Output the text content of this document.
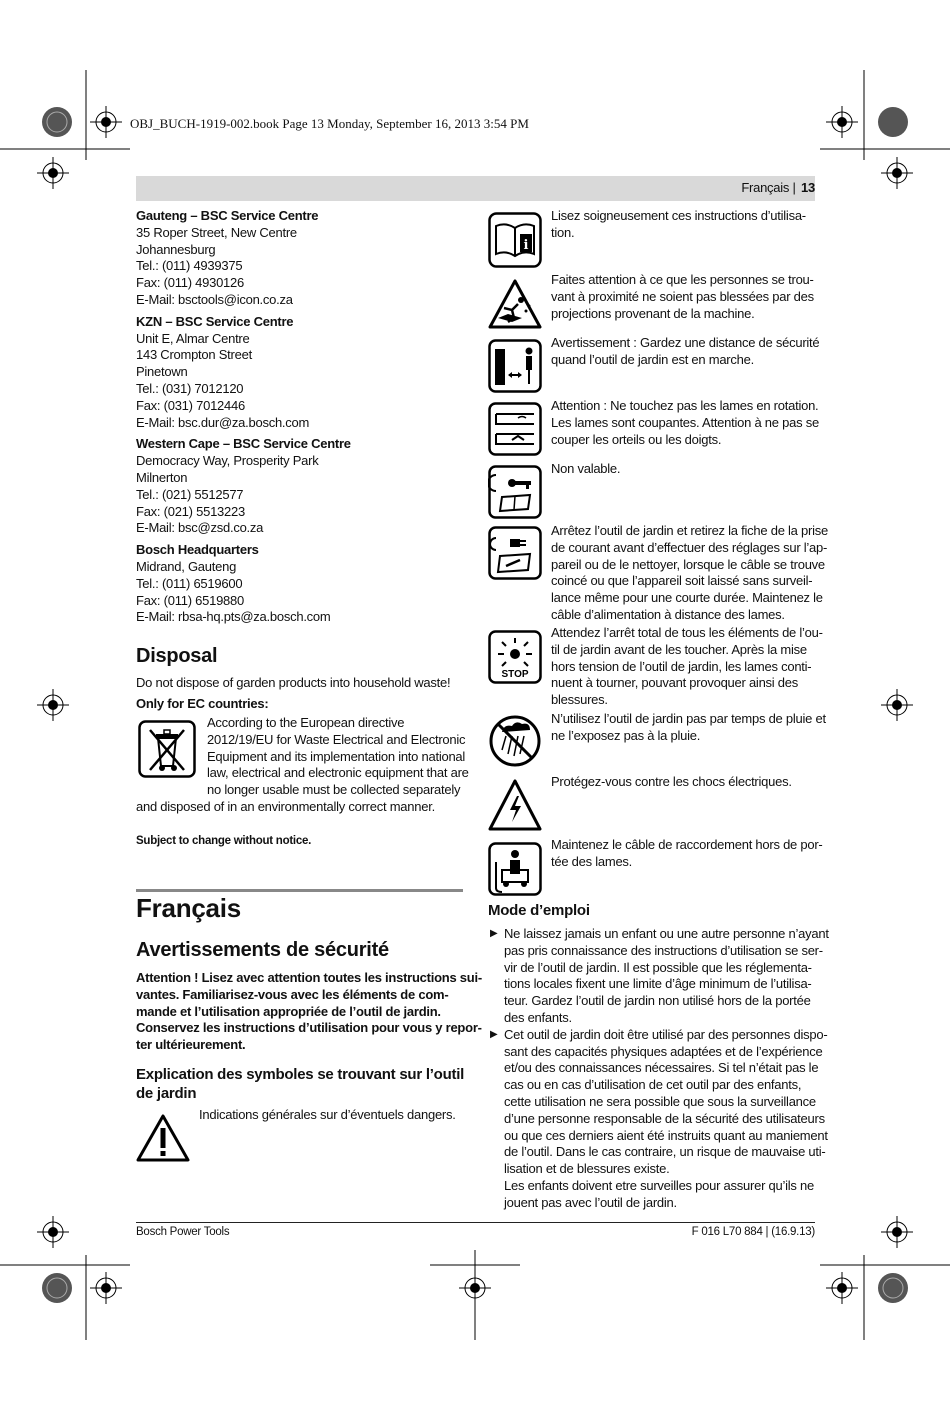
OBJ_BUCH-1919-002.book Page 13 Monday, September 16, 2013 3:54 PM
Français | 13
Gauteng – BSC Service Centre
35 Roper Street, New Centre
Johannesburg
Tel.: (011) 4939375
Fax: (011) 4930126
E-Mail: bsctools@icon.co.za
KZN – BSC Service Centre
Unit E, Almar Centre
143 Crompton Street
Pinetown
Tel.: (031) 7012120
Fax: (031) 7012446
E-Mail: bsc.dur@za.bosch.com
Western Cape – BSC Service Centre
Democracy Way, Prosperity Park
Milnerton
Tel.: (021) 5512577
Fax: (021) 5513223
E-Mail: bsc@zsd.co.za
Bosch Headquarters
Midrand, Gauteng
Tel.: (011) 6519600
Fax: (011) 6519880
E-Mail: rbsa-hq.pts@za.bosch.com
Disposal
Do not dispose of garden products into household waste!
Only for EC countries:
According to the European directive
2012/19/EU for Waste Electrical and Electronic
Equipment and its implementation into national
law, electrical and electronic equipment that are
no longer usable must be collected separately
and disposed of in an environmentally correct manner.
Subject to change without notice.
Français
Avertissements de sécurité
Attention ! Lisez avec attention toutes les instructions sui-
vantes. Familiarisez-vous avec les éléments de com-
mande et l’utilisation appropriée de l’outil de jardin.
Conservez les instructions d’utilisation pour vous y repor-
ter ultérieurement.
Explication des symboles se trouvant sur l’outil
de jardin
Indications générales sur d’éventuels dangers.
i
Lisez soigneusement ces instructions d’utilisa-
tion.
Faites attention à ce que les personnes se trou-
vant à proximité ne soient pas blessées par des
projections provenant de la machine.
Avertissement : Gardez une distance de sécurité
quand l’outil de jardin est en marche.
Attention : Ne touchez pas les lames en rotation.
Les lames sont coupantes. Attention à ne pas se
couper les orteils ou les doigts.
Non valable.
Arrêtez l’outil de jardin et retirez la fiche de la prise
de courant avant d’effectuer des réglages sur l’ap-
pareil ou de le nettoyer, lorsque le câble se trouve
coincé ou que l’appareil soit laissé sans surveil-
lance même pour une courte durée. Maintenez le
câble d’alimentation à distance des lames.
STOP
Attendez l’arrêt total de tous les éléments de l’ou-
til de jardin avant de les toucher. Après la mise
hors tension de l’outil de jardin, les lames conti-
nuent à tourner, pouvant provoquer ainsi des
blessures.
N’utilisez l’outil de jardin pas par temps de pluie et
ne l’exposez pas à la pluie.
Protégez-vous contre les chocs électriques.
Maintenez le câble de raccordement hors de por-
tée des lames.
Mode d’emploi
▶ Ne laissez jamais un enfant ou une autre personne n’ayant
pas pris connaissance des instructions d’utilisation se ser-
vir de l’outil de jardin. Il est possible que les réglementa-
tions locales fixent une limite d’âge minimum de l’utilisa-
teur. Gardez l’outil de jardin non utilisé hors de la portée
des enfants.
▶ Cet outil de jardin doit être utilisé par des personnes dispo-
sant des capacités physiques adaptées et de l’expérience
et/ou des connaissances nécessaires. Si tel n’était pas le
cas ou en cas d’utilisation de cet outil par des enfants,
cette utilisation ne sera possible que sous la surveillance
d’une personne responsable de la sécurité des utilisateurs
ou que ces derniers aient été instruits quant au maniement
de l’outil. Dans le cas contraire, un risque de mauvaise uti-
lisation et de blessures existe.
Les enfants doivent etre surveilles pour assurer qu’ils ne
jouent pas avec l’outil de jardin.
Bosch Power Tools	F 016 L70 884 | (16.9.13)
